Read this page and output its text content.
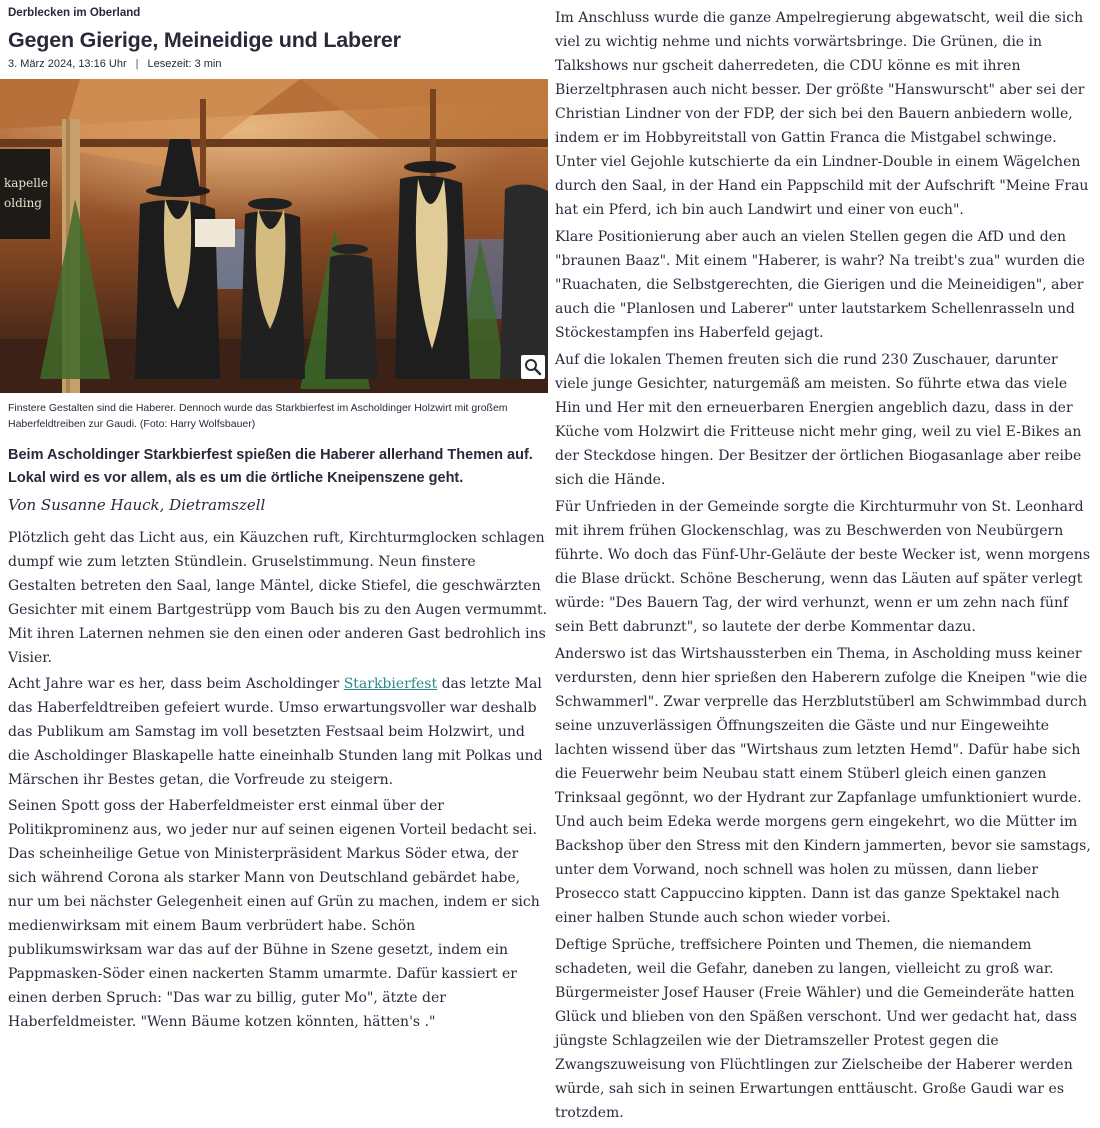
Derblecken im Oberland
Gegen Gierige, Meineidige und Laberer
3. März 2024, 13:16 Uhr | Lesezeit: 3 min
kapelle
olding
Finstere Gestalten sind die Haberer. Dennoch wurde das Starkbierfest im Ascholdinger Holzwirt mit großem Haberfeldtreiben zur Gaudi. (Foto: Harry Wolfsbauer)
Beim Ascholdinger Starkbierfest spießen die Haberer allerhand Themen auf. Lokal wird es vor allem, als es um die örtliche Kneipenszene geht.
Von Susanne Hauck, Dietramszell

Plötzlich geht das Licht aus, ein Käuzchen ruft, Kirchturmglocken schlagen dumpf wie zum letzten Stündlein. Gruselstimmung. Neun finstere Gestalten betreten den Saal, lange Mäntel, dicke Stiefel, die geschwärzten Gesichter mit einem Bartgestrüpp vom Bauch bis zu den Augen vermummt. Mit ihren Laternen nehmen sie den einen oder anderen Gast bedrohlich ins Visier.

Acht Jahre war es her, dass beim Ascholdinger Starkbierfest das letzte Mal das Haberfeldtreiben gefeiert wurde. Umso erwartungsvoller war deshalb das Publikum am Samstag im voll besetzten Festsaal beim Holzwirt, und die Ascholdinger Blaskapelle hatte eineinhalb Stunden lang mit Polkas und Märschen ihr Bestes getan, die Vorfreude zu steigern.

Seinen Spott goss der Haberfeldmeister erst einmal über der Politikprominenz aus, wo jeder nur auf seinen eigenen Vorteil bedacht sei. Das scheinheilige Getue von Ministerpräsident Markus Söder etwa, der sich während Corona als starker Mann von Deutschland gebärdet habe, nur um bei nächster Gelegenheit einen auf Grün zu machen, indem er sich medienwirksam mit einem Baum verbrüdert habe. Schön publikumswirksam war das auf der Bühne in Szene gesetzt, indem ein Pappmasken-Söder einen nackerten Stamm umarmte. Dafür kassiert er einen derben Spruch: "Das war zu billig, guter Mo", ätzte der Haberfeldmeister. "Wenn Bäume kotzen könnten, hätten's ."

Im Anschluss wurde die ganze Ampelregierung abgewatscht, weil die sich viel zu wichtig nehme und nichts vorwärtsbringe. Die Grünen, die in Talkshows nur gscheit daherredeten, die CDU könne es mit ihren Bierzeltphrasen auch nicht besser. Der größte "Hanswurscht" aber sei der Christian Lindner von der FDP, der sich bei den Bauern anbiedern wolle, indem er im Hobbyreitstall von Gattin Franca die Mistgabel schwinge. Unter viel Gejohle kutschierte da ein Lindner-Double in einem Wägelchen durch den Saal, in der Hand ein Pappschild mit der Aufschrift "Meine Frau hat ein Pferd, ich bin auch Landwirt und einer von euch".

Klare Positionierung aber auch an vielen Stellen gegen die AfD und den "braunen Baaz". Mit einem "Haberer, is wahr? Na treibt's zua" wurden die "Ruachaten, die Selbstgerechten, die Gierigen und die Meineidigen", aber auch die "Planlosen und Laberer" unter lautstarkem Schellenrasseln und Stöckestampfen ins Haberfeld gejagt.

Auf die lokalen Themen freuten sich die rund 230 Zuschauer, darunter viele junge Gesichter, naturgemäß am meisten. So führte etwa das viele Hin und Her mit den erneuerbaren Energien angeblich dazu, dass in der Küche vom Holzwirt die Fritteuse nicht mehr ging, weil zu viel E-Bikes an der Steckdose hingen. Der Besitzer der örtlichen Biogasanlage aber reibe sich die Hände.

Für Unfrieden in der Gemeinde sorgte die Kirchturmuhr von St. Leonhard mit ihrem frühen Glockenschlag, was zu Beschwerden von Neubürgern führte. Wo doch das Fünf-Uhr-Geläute der beste Wecker ist, wenn morgens die Blase drückt. Schöne Bescherung, wenn das Läuten auf später verlegt würde: "Des Bauern Tag, der wird verhunzt, wenn er um zehn nach fünf sein Bett dabrunzt", so lautete der derbe Kommentar dazu.

Anderswo ist das Wirtshaussterben ein Thema, in Ascholding muss keiner verdursten, denn hier sprießen den Haberern zufolge die Kneipen "wie die Schwammerl". Zwar verprelle das Herzblutstüberl am Schwimmbad durch seine unzuverlässigen Öffnungszeiten die Gäste und nur Eingeweihte lachten wissend über das "Wirtshaus zum letzten Hemd". Dafür habe sich die Feuerwehr beim Neubau statt einem Stüberl gleich einen ganzen Trinksaal gegönnt, wo der Hydrant zur Zapfanlage umfunktioniert wurde. Und auch beim Edeka werde morgens gern eingekehrt, wo die Mütter im Backshop über den Stress mit den Kindern jammerten, bevor sie samstags, unter dem Vorwand, noch schnell was holen zu müssen, dann lieber Prosecco statt Cappuccino kippten. Dann ist das ganze Spektakel nach einer halben Stunde auch schon wieder vorbei.

Deftige Sprüche, treffsichere Pointen und Themen, die niemandem schadeten, weil die Gefahr, daneben zu langen, vielleicht zu groß war. Bürgermeister Josef Hauser (Freie Wähler) und die Gemeinderäte hatten Glück und blieben von den Späßen verschont. Und wer gedacht hat, dass jüngste Schlagzeilen wie der Dietramszeller Protest gegen die Zwangszuweisung von Flüchtlingen zur Zielscheibe der Haberer werden würde, sah sich in seinen Erwartungen enttäuscht. Große Gaudi war es trotzdem.
